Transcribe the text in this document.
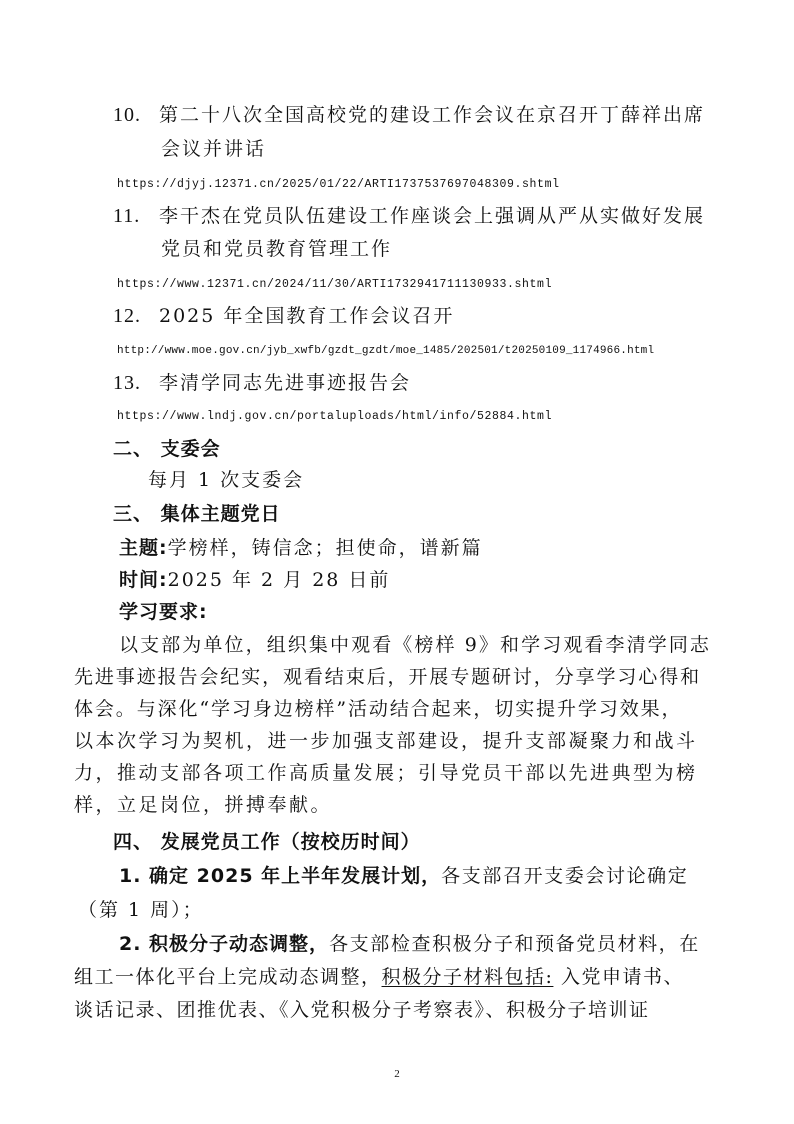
10. 第二十八次全国高校党的建设工作会议在京召开丁薛祥出席
会议并讲话
https://djyj.12371.cn/2025/01/22/ARTI1737537697048309.shtml
11. 李干杰在党员队伍建设工作座谈会上强调从严从实做好发展
党员和党员教育管理工作
https://www.12371.cn/2024/11/30/ARTI1732941711130933.shtml
12. 2025 年全国教育工作会议召开
http://www.moe.gov.cn/jyb_xwfb/gzdt_gzdt/moe_1485/202501/t20250109_1174966.html
13. 李清学同志先进事迹报告会
https://www.lndj.gov.cn/portaluploads/html/info/52884.html
二、 支委会
每月 1 次支委会
三、 集体主题党日
主题:学榜样，铸信念；担使命，谱新篇
时间:2025 年 2 月 28 日前
学习要求:
以支部为单位，组织集中观看《榜样 9》和学习观看李清学同志
先进事迹报告会纪实，观看结束后，开展专题研讨，分享学习心得和
体会。与深化“学习身边榜样”活动结合起来，切实提升学习效果，
以本次学习为契机，进一步加强支部建设，提升支部凝聚力和战斗
力，推动支部各项工作高质量发展；引导党员干部以先进典型为榜
样，立足岗位，拼搏奉献。
四、 发展党员工作（按校历时间）
1. 确定 2025 年上半年发展计划，各支部召开支委会讨论确定
（第 1 周）；
2. 积极分子动态调整，各支部检查积极分子和预备党员材料，在
组工一体化平台上完成动态调整，积极分子材料包括: 入党申请书、
谈话记录、团推优表、《入党积极分子考察表》、积极分子培训证
2
